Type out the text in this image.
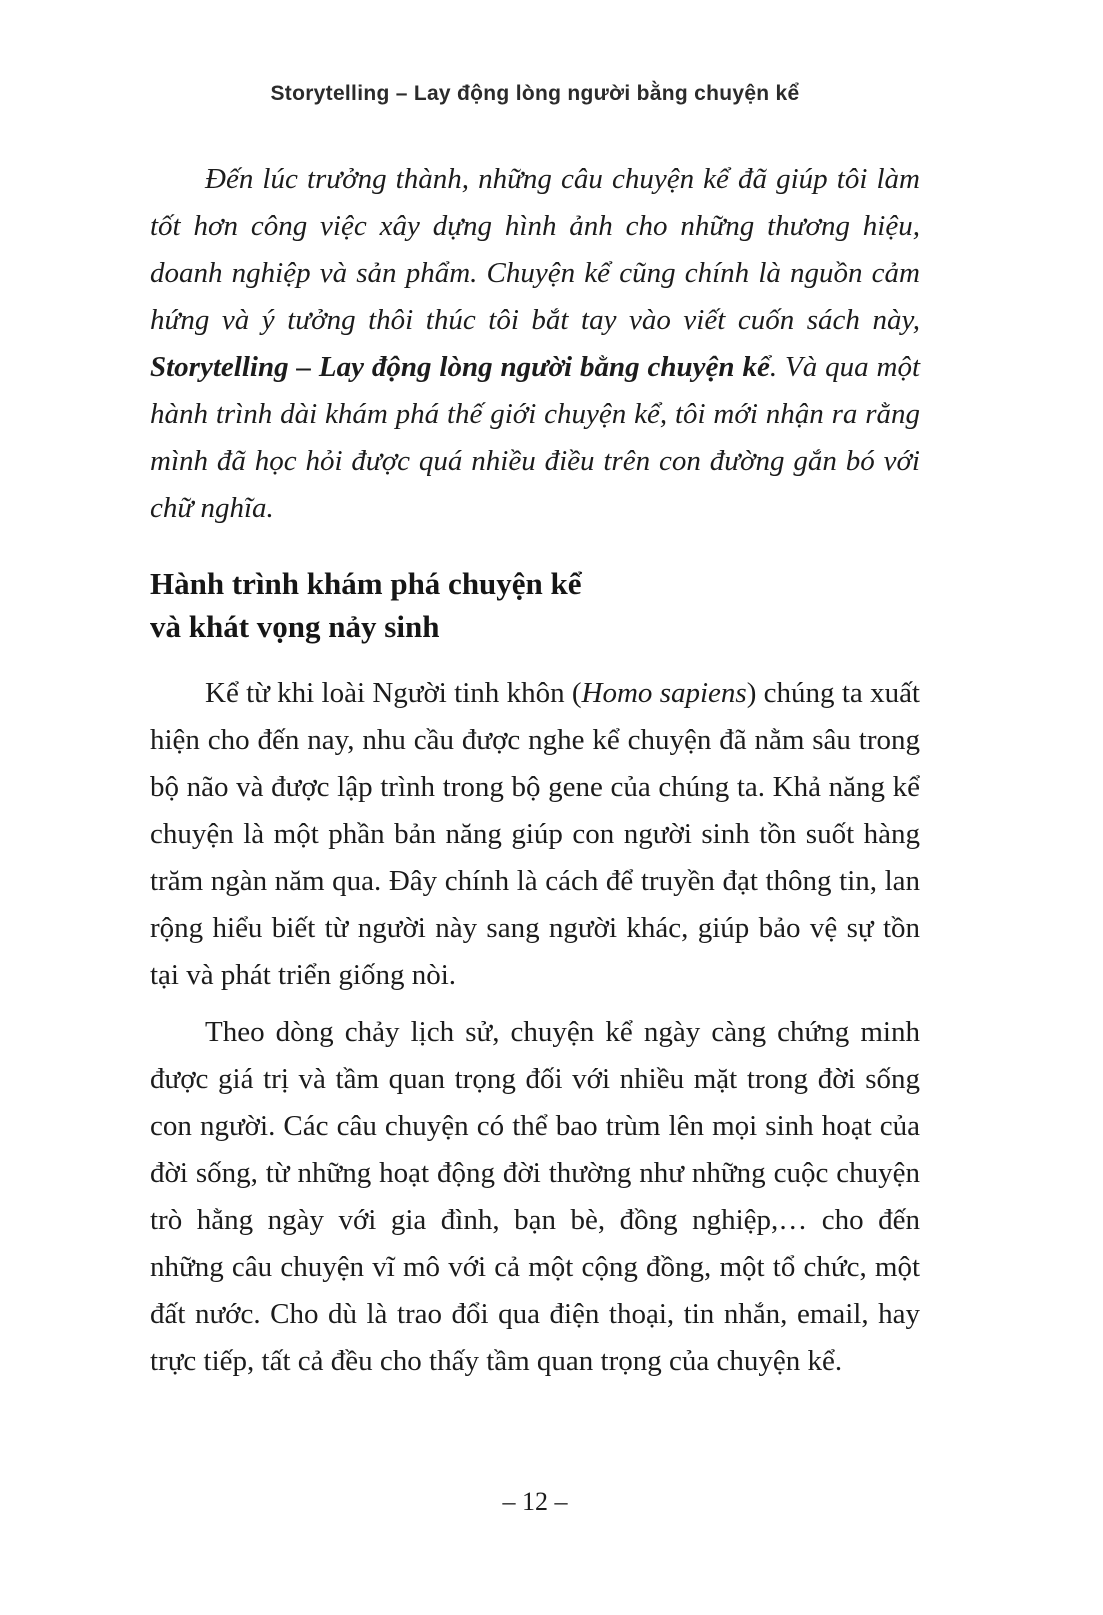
Storytelling – Lay động lòng người bằng chuyện kể

Đến lúc trưởng thành, những câu chuyện kể đã giúp tôi làm tốt hơn công việc xây dựng hình ảnh cho những thương hiệu, doanh nghiệp và sản phẩm. Chuyện kể cũng chính là nguồn cảm hứng và ý tưởng thôi thúc tôi bắt tay vào viết cuốn sách này, Storytelling – Lay động lòng người bằng chuyện kể. Và qua một hành trình dài khám phá thế giới chuyện kể, tôi mới nhận ra rằng mình đã học hỏi được quá nhiều điều trên con đường gắn bó với chữ nghĩa.

Hành trình khám phá chuyện kể
và khát vọng nảy sinh

Kể từ khi loài Người tinh khôn (Homo sapiens) chúng ta xuất hiện cho đến nay, nhu cầu được nghe kể chuyện đã nằm sâu trong bộ não và được lập trình trong bộ gene của chúng ta. Khả năng kể chuyện là một phần bản năng giúp con người sinh tồn suốt hàng trăm ngàn năm qua. Đây chính là cách để truyền đạt thông tin, lan rộng hiểu biết từ người này sang người khác, giúp bảo vệ sự tồn tại và phát triển giống nòi.

Theo dòng chảy lịch sử, chuyện kể ngày càng chứng minh được giá trị và tầm quan trọng đối với nhiều mặt trong đời sống con người. Các câu chuyện có thể bao trùm lên mọi sinh hoạt của đời sống, từ những hoạt động đời thường như những cuộc chuyện trò hằng ngày với gia đình, bạn bè, đồng nghiệp,… cho đến những câu chuyện vĩ mô với cả một cộng đồng, một tổ chức, một đất nước. Cho dù là trao đổi qua điện thoại, tin nhắn, email, hay trực tiếp, tất cả đều cho thấy tầm quan trọng của chuyện kể.

– 12 –
